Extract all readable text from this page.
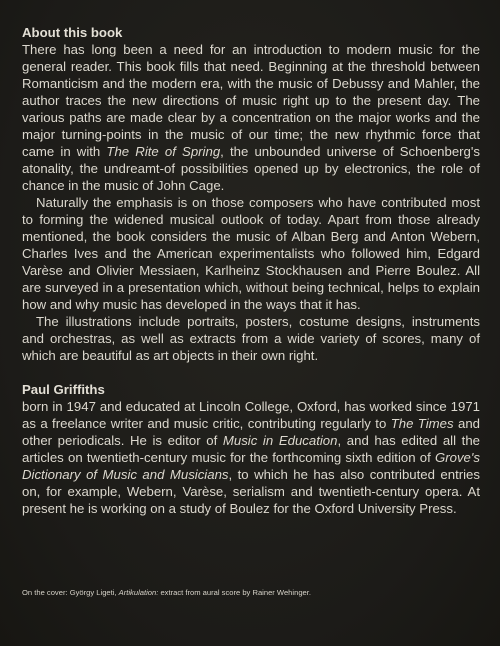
About this book

There has long been a need for an introduction to modern music for the general reader. This book fills that need. Beginning at the threshold between Romanticism and the modern era, with the music of Debussy and Mahler, the author traces the new directions of music right up to the present day. The various paths are made clear by a concentration on the major works and the major turning-points in the music of our time; the new rhythmic force that came in with The Rite of Spring, the unbounded universe of Schoenberg's atonality, the undreamt-of possibilities opened up by electronics, the role of chance in the music of John Cage.

Naturally the emphasis is on those composers who have contributed most to forming the widened musical outlook of today. Apart from those already mentioned, the book considers the music of Alban Berg and Anton Webern, Charles Ives and the American experimentalists who followed him, Edgard Varèse and Olivier Messiaen, Karlheinz Stockhausen and Pierre Boulez. All are surveyed in a presentation which, without being technical, helps to explain how and why music has developed in the ways that it has.

The illustrations include portraits, posters, costume designs, instruments and orchestras, as well as extracts from a wide variety of scores, many of which are beautiful as art objects in their own right.

Paul Griffiths

born in 1947 and educated at Lincoln College, Oxford, has worked since 1971 as a freelance writer and music critic, contributing regularly to The Times and other periodicals. He is editor of Music in Education, and has edited all the articles on twentieth-century music for the forthcoming sixth edition of Grove's Dictionary of Music and Musicians, to which he has also contributed entries on, for example, Webern, Varèse, serialism and twentieth-century opera. At present he is working on a study of Boulez for the Oxford University Press.

On the cover: György Ligeti, Artikulation: extract from aural score by Rainer Wehinger.
